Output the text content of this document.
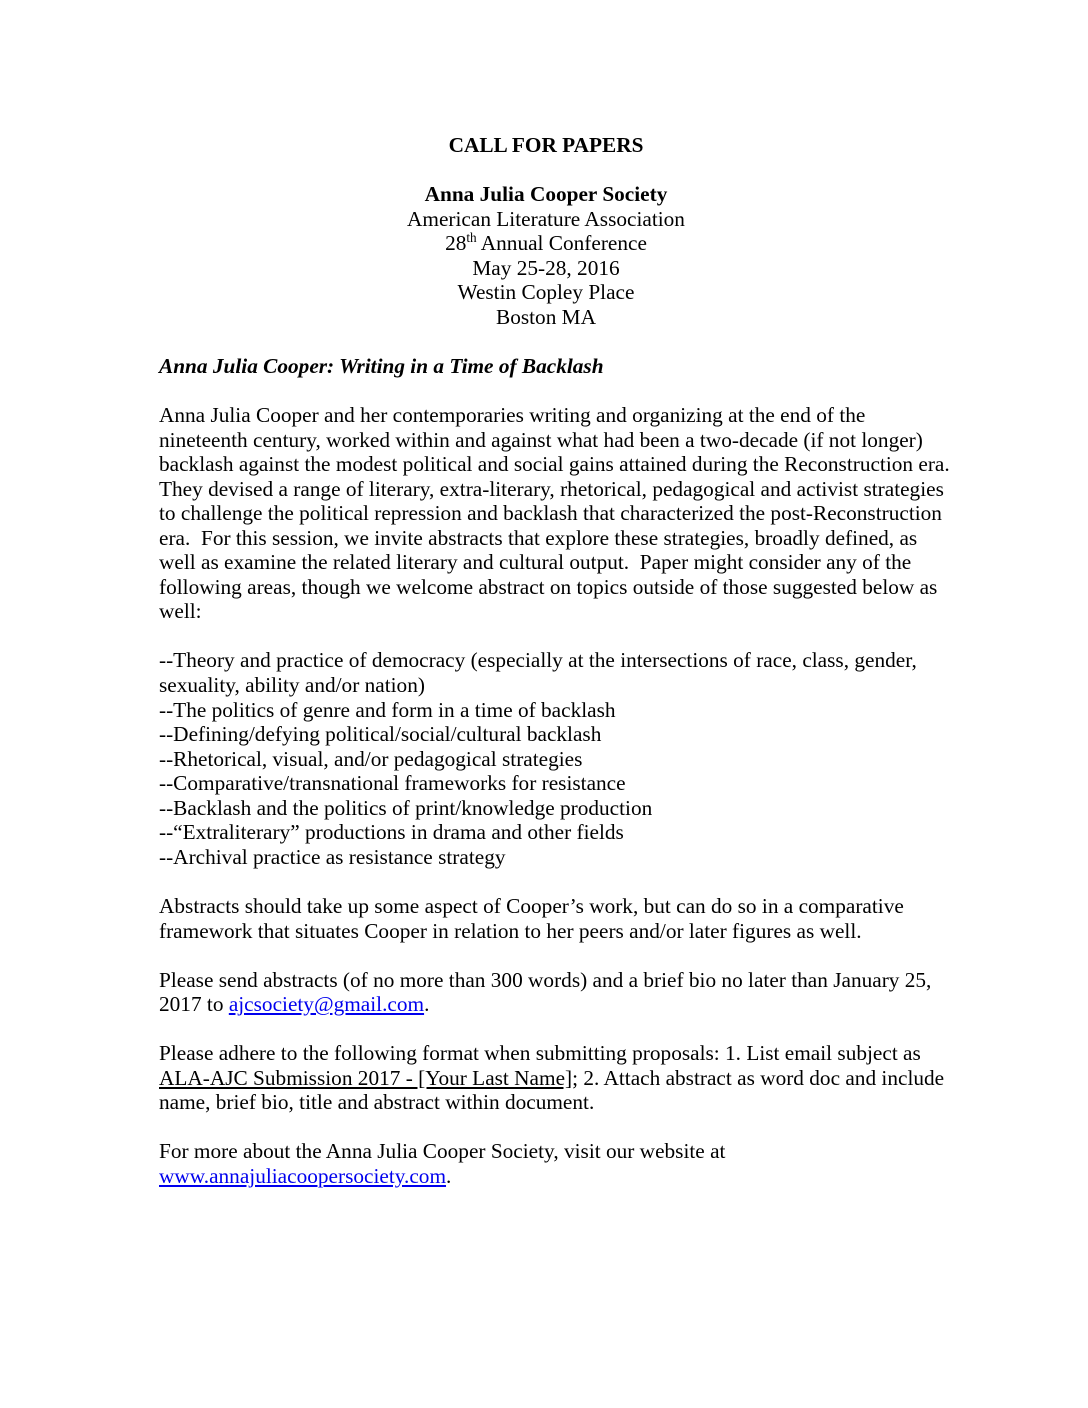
CALL FOR PAPERS
Anna Julia Cooper Society
American Literature Association
28th Annual Conference
May 25-28, 2016
Westin Copley Place
Boston MA
Anna Julia Cooper: Writing in a Time of Backlash

Anna Julia Cooper and her contemporaries writing and organizing at the end of the nineteenth century, worked within and against what had been a two-decade (if not longer) backlash against the modest political and social gains attained during the Reconstruction era. They devised a range of literary, extra-literary, rhetorical, pedagogical and activist strategies to challenge the political repression and backlash that characterized the post-Reconstruction era.  For this session, we invite abstracts that explore these strategies, broadly defined, as well as examine the related literary and cultural output.  Paper might consider any of the following areas, though we welcome abstract on topics outside of those suggested below as well:

--Theory and practice of democracy (especially at the intersections of race, class, gender, sexuality, ability and/or nation)
--The politics of genre and form in a time of backlash
--Defining/defying political/social/cultural backlash
--Rhetorical, visual, and/or pedagogical strategies
--Comparative/transnational frameworks for resistance
--Backlash and the politics of print/knowledge production
--“Extraliterary” productions in drama and other fields
--Archival practice as resistance strategy

Abstracts should take up some aspect of Cooper’s work, but can do so in a comparative framework that situates Cooper in relation to her peers and/or later figures as well.

Please send abstracts (of no more than 300 words) and a brief bio no later than January 25, 2017 to ajcsociety@gmail.com.

Please adhere to the following format when submitting proposals: 1. List email subject as ALA-AJC Submission 2017 - [Your Last Name]; 2. Attach abstract as word doc and include name, brief bio, title and abstract within document.

For more about the Anna Julia Cooper Society, visit our website at www.annajuliacoopersociety.com.
